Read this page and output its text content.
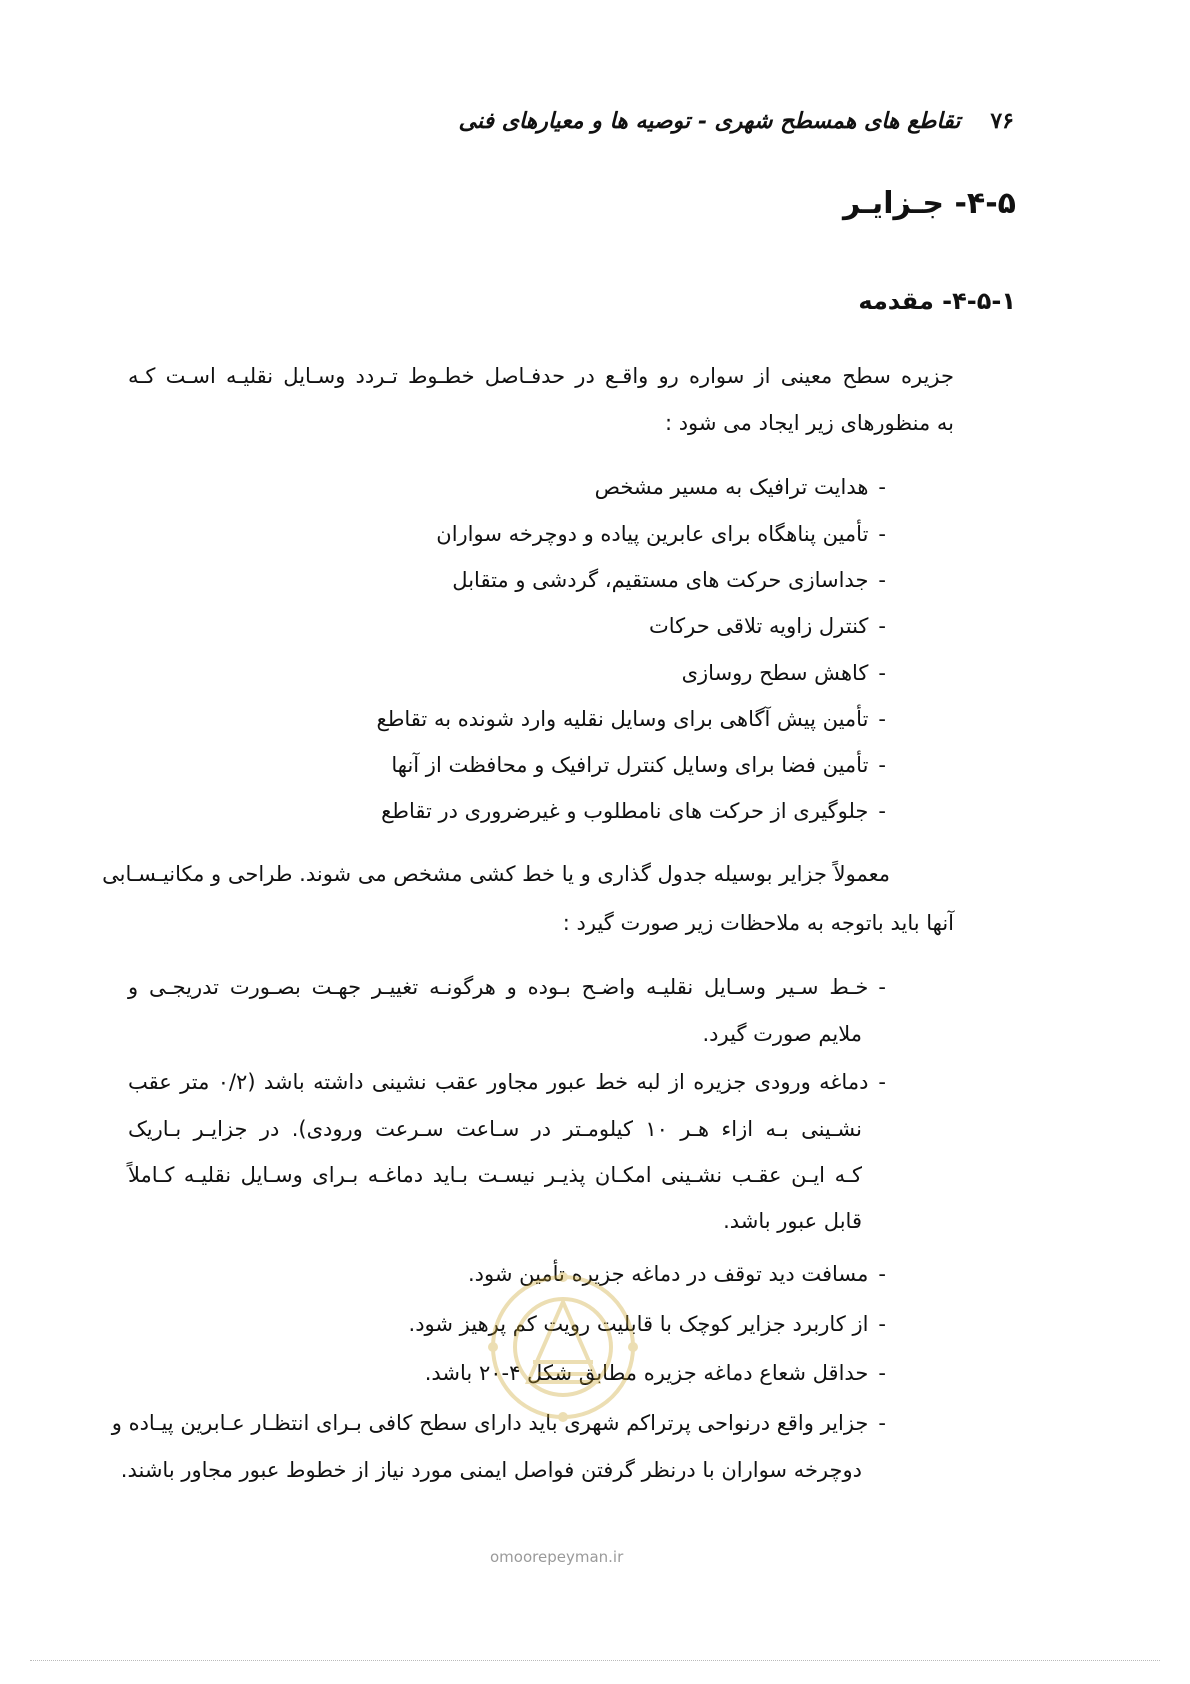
۷۶تقاطع های همسطح شهری - توصیه ها و معیارهای فنی
۴-۵- جـزایـر
۴-۵-۱- مقدمه
جزیره سطح معینی از سواره رو واقـع در حدفـاصل خطـوط تـردد وسـایل نقلیـه اسـت کـه
به منظورهای زیر ایجاد می شود :
-هدایت ترافیک به مسیر مشخص
-تأمین پناهگاه برای عابرین پیاده و دوچرخه سواران
-جداسازی حرکت های مستقیم، گردشی و متقابل
-کنترل زاویه تلاقی حرکات
-کاهش سطح روسازی
-تأمین پیش آگاهی برای وسایل نقلیه وارد شونده به تقاطع
-تأمین فضا برای وسایل کنترل ترافیک و محافظت از آنها
-جلوگیری از حرکت های نامطلوب و غیرضروری در تقاطع
معمولاً جزایر بوسیله جدول گذاری و یا خط کشی مشخص می شوند. طراحی و مکانیـسـابی
آنها باید باتوجه به ملاحظات زیر صورت گیرد :
-خـط سـیر وسـایل نقلیـه واضـح بـوده و هرگونـه تغییـر جهـت بصـورت تدریجـی و
ملایم صورت گیرد.
-دماغه ورودی جزیره از لبه خط عبور مجاور عقب نشینی داشته باشد (۰/۲ متر عقب
نشـینی بـه ازاء هـر ۱۰ کیلومـتر در سـاعت سـرعت ورودی). در جزایـر بـاریک
کـه ایـن عقـب نشـینی امکـان پذیـر نیسـت بـاید دماغـه بـرای وسـایل نقلیـه کـاملاً
قابل عبور باشد.
-مسافت دید توقف در دماغه جزیره تأمین شود.
-از کاربرد جزایر کوچک با قابلیت رویت کم پرهیز شود.
-حداقل شعاع دماغه جزیره مطابق شکل ۴-۲۰ باشد.
-جزایر واقع درنواحی پرتراکم شهری باید دارای سطح کافی بـرای انتظـار عـابرین پیـاده و
دوچرخه سواران با درنظر گرفتن فواصل ایمنی مورد نیاز از خطوط عبور مجاور باشند.
omoorepeyman.ir
